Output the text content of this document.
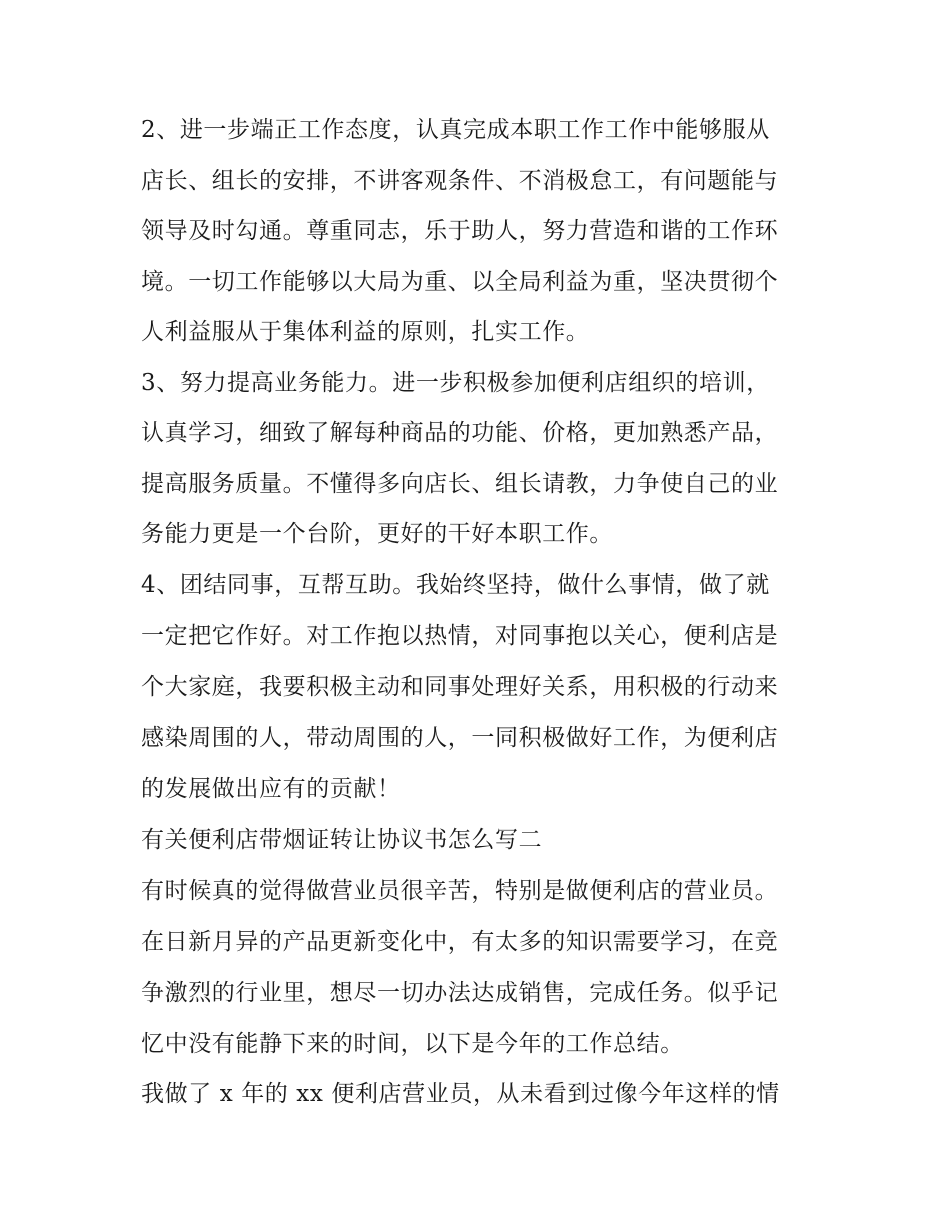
2、进一步端正工作态度，认真完成本职工作工作中能够服从
店长、组长的安排，不讲客观条件、不消极怠工，有问题能与
领导及时勾通。尊重同志，乐于助人，努力营造和谐的工作环
境。一切工作能够以大局为重、以全局利益为重，坚决贯彻个
人利益服从于集体利益的原则，扎实工作。
3、努力提高业务能力。进一步积极参加便利店组织的培训，
认真学习，细致了解每种商品的功能、价格，更加熟悉产品，
提高服务质量。不懂得多向店长、组长请教，力争使自己的业
务能力更是一个台阶，更好的干好本职工作。
4、团结同事，互帮互助。我始终坚持，做什么事情，做了就
一定把它作好。对工作抱以热情，对同事抱以关心，便利店是
个大家庭，我要积极主动和同事处理好关系，用积极的行动来
感染周围的人，带动周围的人，一同积极做好工作，为便利店
的发展做出应有的贡献！
有关便利店带烟证转让协议书怎么写二
有时候真的觉得做营业员很辛苦，特别是做便利店的营业员。
在日新月异的产品更新变化中，有太多的知识需要学习，在竞
争激烈的行业里，想尽一切办法达成销售，完成任务。似乎记
忆中没有能静下来的时间，以下是今年的工作总结。
我做了 x 年的 xx 便利店营业员，从未看到过像今年这样的情
